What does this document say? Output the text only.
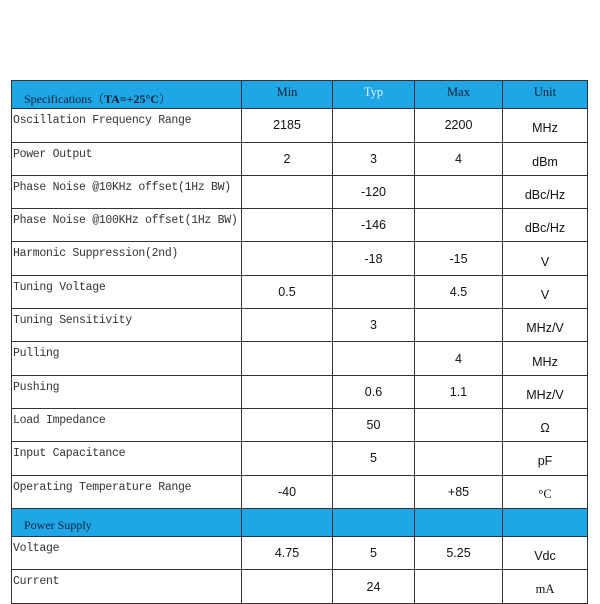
Specifications（TA=+25°C）	Min	Typ	Max	Unit
Oscillation Frequency Range	2185		2200	MHz
Power Output	2	3	4	dBm
Phase Noise @10KHz offset(1Hz BW)		-120		dBc/Hz
Phase Noise @100KHz offset(1Hz BW)		-146		dBc/Hz
Harmonic Suppression(2nd)		-18	-15	V
Tuning Voltage	0.5		4.5	V
Tuning Sensitivity		3		MHz/V
Pulling			4	MHz
Pushing		0.6	1.1	MHz/V
Load Impedance		50		Ω
Input Capacitance		5		pF
Operating Temperature Range	-40		+85	°C
Power Supply				
Voltage	4.75	5	5.25	Vdc
Current		24		mA
